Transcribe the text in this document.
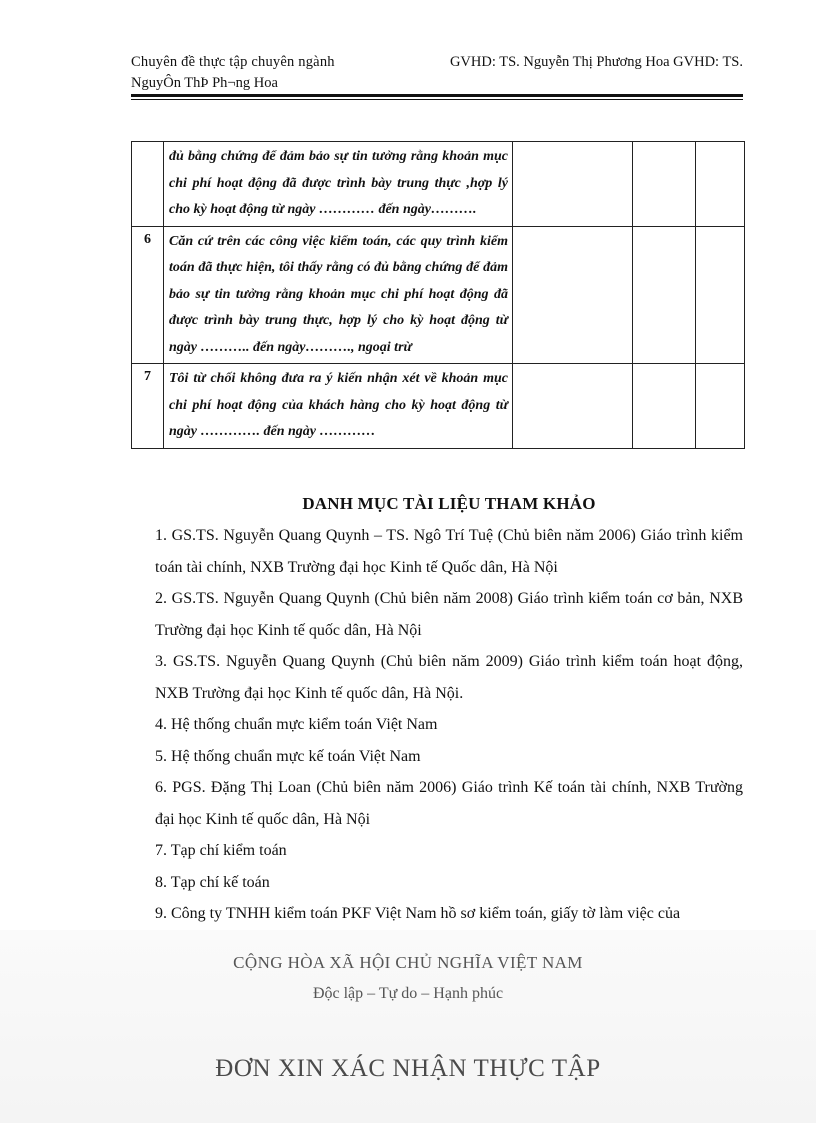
Chuyên đề thực tập chuyên ngành	GVHD: TS. Nguyễn Thị Phương Hoa GVHD: TS.
NguyÔn ThÞ Ph¬ng Hoa
	đủ bằng chứng để đảm bảo sự tin tưởng rằng khoản mục chi phí hoạt động đã được trình bày trung thực ,hợp lý cho kỳ hoạt động từ ngày ………… đến ngày……….			
6	Căn cứ trên các công việc kiểm toán, các quy trình kiểm toán đã thực hiện, tôi thấy rằng có đủ bằng chứng để đảm bảo sự tin tưởng rằng khoản mục chi phí hoạt động đã được trình bày trung thực, hợp lý cho kỳ hoạt động từ ngày ……….. đến ngày………., ngoại trừ			
7	Tôi từ chối không đưa ra ý kiến nhận xét về khoản mục chi phí hoạt động của khách hàng cho kỳ hoạt động từ ngày …………. đến ngày …………			
DANH MỤC TÀI LIỆU THAM KHẢO

1. GS.TS. Nguyễn Quang Quynh – TS. Ngô Trí Tuệ (Chủ biên năm 2006) Giáo trình kiểm toán tài chính, NXB Trường đại học Kinh tế Quốc dân, Hà Nội

2. GS.TS. Nguyễn Quang Quynh (Chủ biên năm 2008) Giáo trình kiểm toán cơ bản, NXB Trường đại học Kinh tế quốc dân, Hà Nội

3. GS.TS. Nguyễn Quang Quynh (Chủ biên năm 2009) Giáo trình kiểm toán hoạt động, NXB Trường đại học Kinh tế quốc dân, Hà Nội.

4. Hệ thống chuẩn mực kiểm toán Việt Nam

5. Hệ thống chuẩn mực kế toán Việt Nam

6. PGS. Đặng Thị Loan (Chủ biên năm 2006) Giáo trình Kế toán tài chính, NXB Trường đại học Kinh tế quốc dân, Hà Nội

7. Tạp chí kiểm toán

8. Tạp chí kế toán

9. Công ty TNHH kiểm toán PKF Việt Nam hồ sơ kiểm toán, giấy tờ làm việc của

CỘNG HÒA XÃ HỘI CHỦ NGHĨA VIỆT NAM
Độc lập – Tự do – Hạnh phúc
ĐƠN XIN XÁC NHẬN THỰC TẬP
